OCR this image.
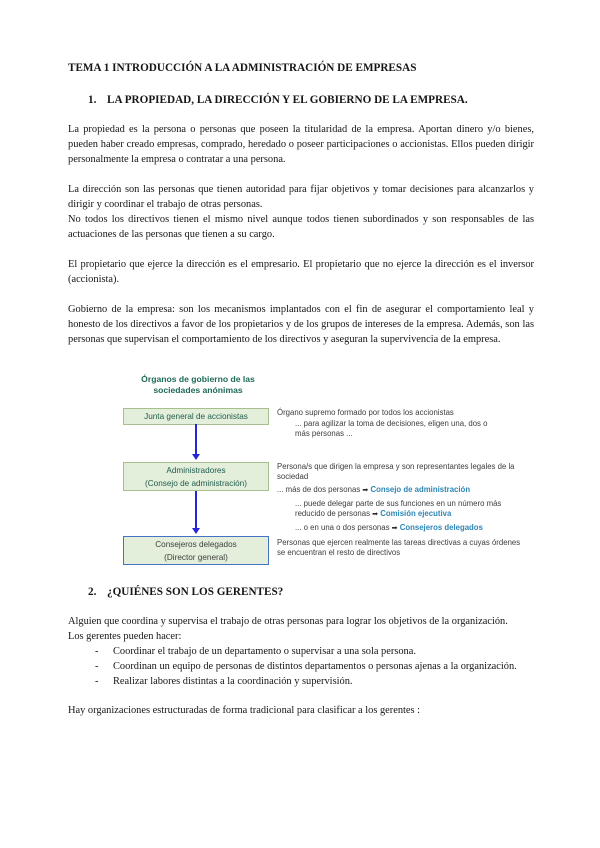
TEMA 1 INTRODUCCIÓN A LA ADMINISTRACIÓN DE EMPRESAS
1. LA PROPIEDAD, LA DIRECCIÓN Y EL GOBIERNO DE LA EMPRESA.

La propiedad es la persona o personas que poseen la titularidad de la empresa. Aportan dinero y/o bienes, pueden haber creado empresas, comprado, heredado o poseer participaciones o accionistas. Ellos pueden dirigir personalmente la empresa o contratar a una persona.

La dirección son las personas que tienen autoridad para fijar objetivos y tomar decisiones para alcanzarlos y dirigir y coordinar el trabajo de otras personas.

No todos los directivos tienen el mismo nivel aunque todos tienen subordinados y son responsables de las actuaciones de las personas que tienen a su cargo.

El propietario que ejerce la dirección es el empresario. El propietario que no ejerce la dirección es el inversor (accionista).

Gobierno de la empresa: son los mecanismos implantados con el fin de asegurar el comportamiento leal y honesto de los directivos a favor de los propietarios y de los grupos de intereses de la empresa. Además, son las personas que supervisan el comportamiento de los directivos y aseguran la supervivencia de la empresa.

Órganos de gobierno de las sociedades anónimas
Junta general de accionistas
Administradores
(Consejo de administración)
Consejeros delegados
(Director general)
Órgano supremo formado por todos los accionistas
... para agilizar la toma de decisiones, eligen una, dos o más personas ...
Persona/s que dirigen la empresa y son representantes legales de la sociedad
... más de dos personas ➡ Consejo de administración
... puede delegar parte de sus funciones en un número más reducido de personas ➡ Comisión ejecutiva
... o en una o dos personas ➡ Consejeros delegados
Personas que ejercen realmente las tareas directivas a cuyas órdenes se encuentran el resto de directivos
2. ¿QUIÉNES SON LOS GERENTES?

Alguien que coordina y supervisa el trabajo de otras personas para lograr los objetivos de la organización.

Los gerentes pueden hacer:

- Coordinar el trabajo de un departamento o supervisar a una sola persona.
- Coordinan un equipo de personas de distintos departamentos o personas ajenas a la organización.
- Realizar labores distintas a la coordinación y supervisión.

Hay organizaciones estructuradas de forma tradicional para clasificar a los gerentes :
